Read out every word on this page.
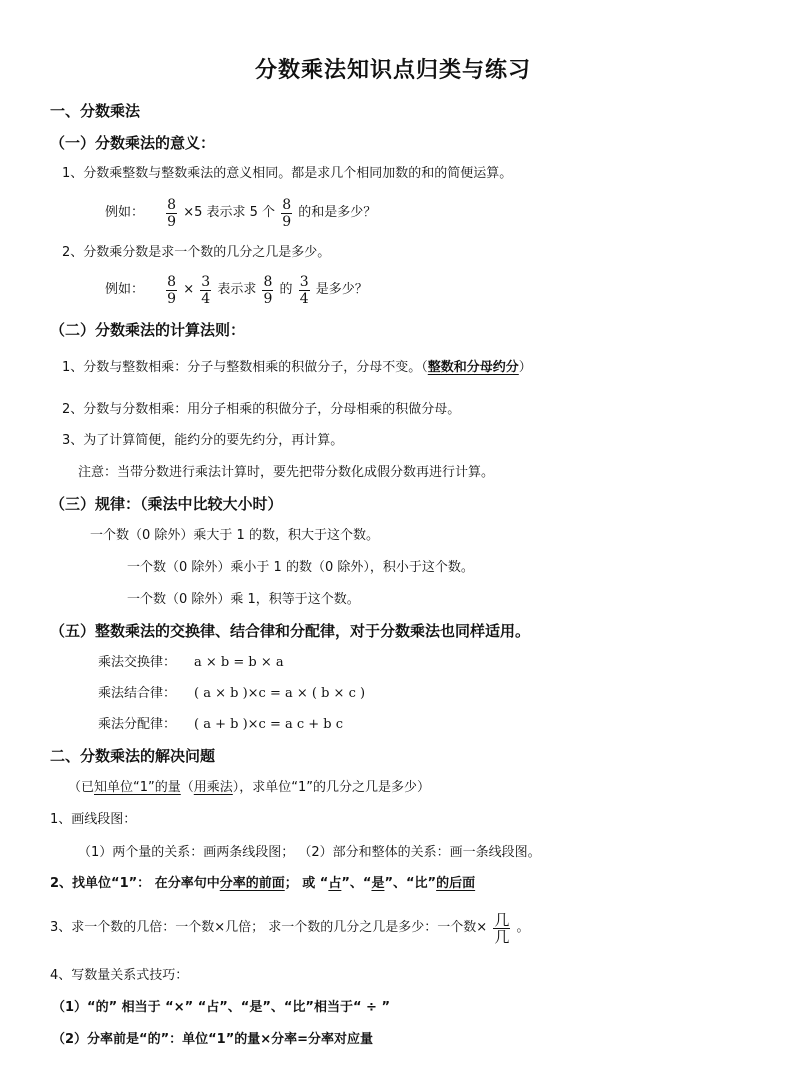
分数乘法知识点归类与练习
一、分数乘法
（一）分数乘法的意义：
1、分数乘整数与整数乘法的意义相同。都是求几个相同加数的和的简便运算。
例如： $\frac{8}{9} \times 5$ 表示求 5 个 $\frac{8}{9}$ 的和是多少？
2、分数乘分数是求一个数的几分之几是多少。
例如： $\frac{8}{9} \times \frac{3}{4}$ 表示求 $\frac{8}{9}$ 的 $\frac{3}{4}$ 是多少？
（二）分数乘法的计算法则：
1、分数与整数相乘：分子与整数相乘的积做分子，分母不变。（整数和分母约分）
2、分数与分数相乘：用分子相乘的积做分子，分母相乘的积做分母。
3、为了计算简便，能约分的要先约分，再计算。
注意：当带分数进行乘法计算时，要先把带分数化成假分数再进行计算。
（三）规律：（乘法中比较大小时）
一个数（0 除外）乘大于 1 的数，积大于这个数。
一个数（0 除外）乘小于 1 的数（0 除外），积小于这个数。
一个数（0 除外）乘 1，积等于这个数。
（五）整数乘法的交换律、结合律和分配律，对于分数乘法也同样适用。
乘法交换律： a × b = b × a
乘法结合律： ( a × b )×c = a × ( b × c )
乘法分配律： ( a + b )×c = a c + b c
二、分数乘法的解决问题
（已知单位“1”的量（用乘法），求单位“1”的几分之几是多少）
1、画线段图：
（1）两个量的关系：画两条线段图； （2）部分和整体的关系：画一条线段图。
2、找单位“1”： 在分率句中分率的前面； 或 “占”、“是”、“比”的后面
3、求一个数的几倍：一个数×几倍； 求一个数的几分之几是多少：一个数× $\frac{\text{几}}{\text{几}}$ 。
4、写数量关系式技巧：
（1）“的” 相当于 “×” “占”、“是”、“比”相当于“ ÷ ”
（2）分率前是“的”：单位“1”的量×分率=分率对应量
